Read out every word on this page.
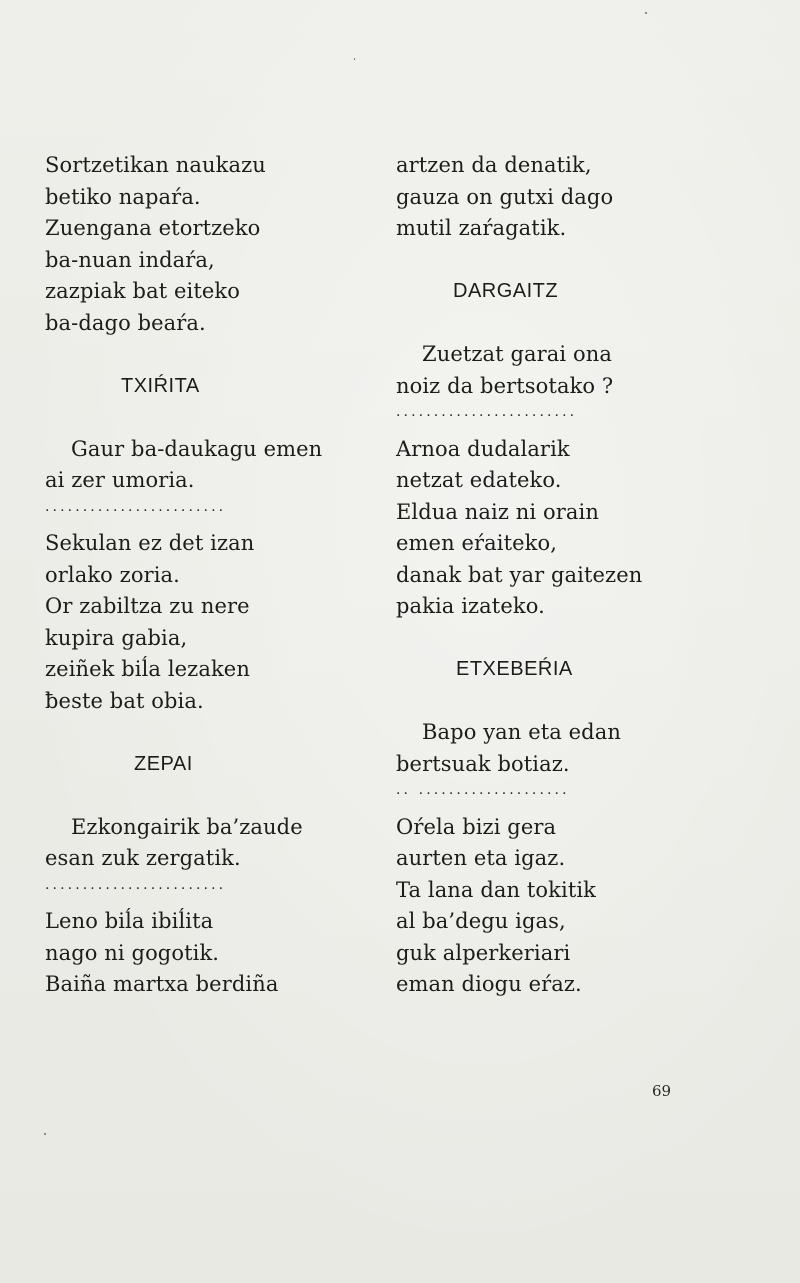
Sortzetikan naukazu
betiko napaŕa.
Zuengana etortzeko
ba-nuan indaŕa,
zazpiak bat eiteko
ba-dago beaŕa.
TXIŔITA
Gaur ba-daukagu emen
ai zer umoria.
........................
Sekulan ez det izan
orlako zoria.
Or zabiltza zu nere
kupira gabia,
zeiñek biĺa lezaken
ƀeste bat obia.
ZEPAI
Ezkongairik ba’zaude
esan zuk zergatik.
........................
Leno biĺa ibiĺita
nago ni gogotik.
Baiña martxa berdiña
artzen da denatik,
gauza on gutxi dago
mutil zaŕagatik.
DARGAITZ
Zuetzat garai ona
noiz da bertsotako ?
........................
Arnoa dudalarik
netzat edateko.
Eldua naiz ni orain
emen eŕaiteko,
danak bat yar gaitezen
pakia izateko.
ETXEBEŔIA
Bapo yan eta edan
bertsuak botiaz.
.. ....................
Oŕela bizi gera
aurten eta igaz.
Ta lana dan tokitik
al ba’degu igas,
guk alperkeriari
eman diogu eŕaz.
69
